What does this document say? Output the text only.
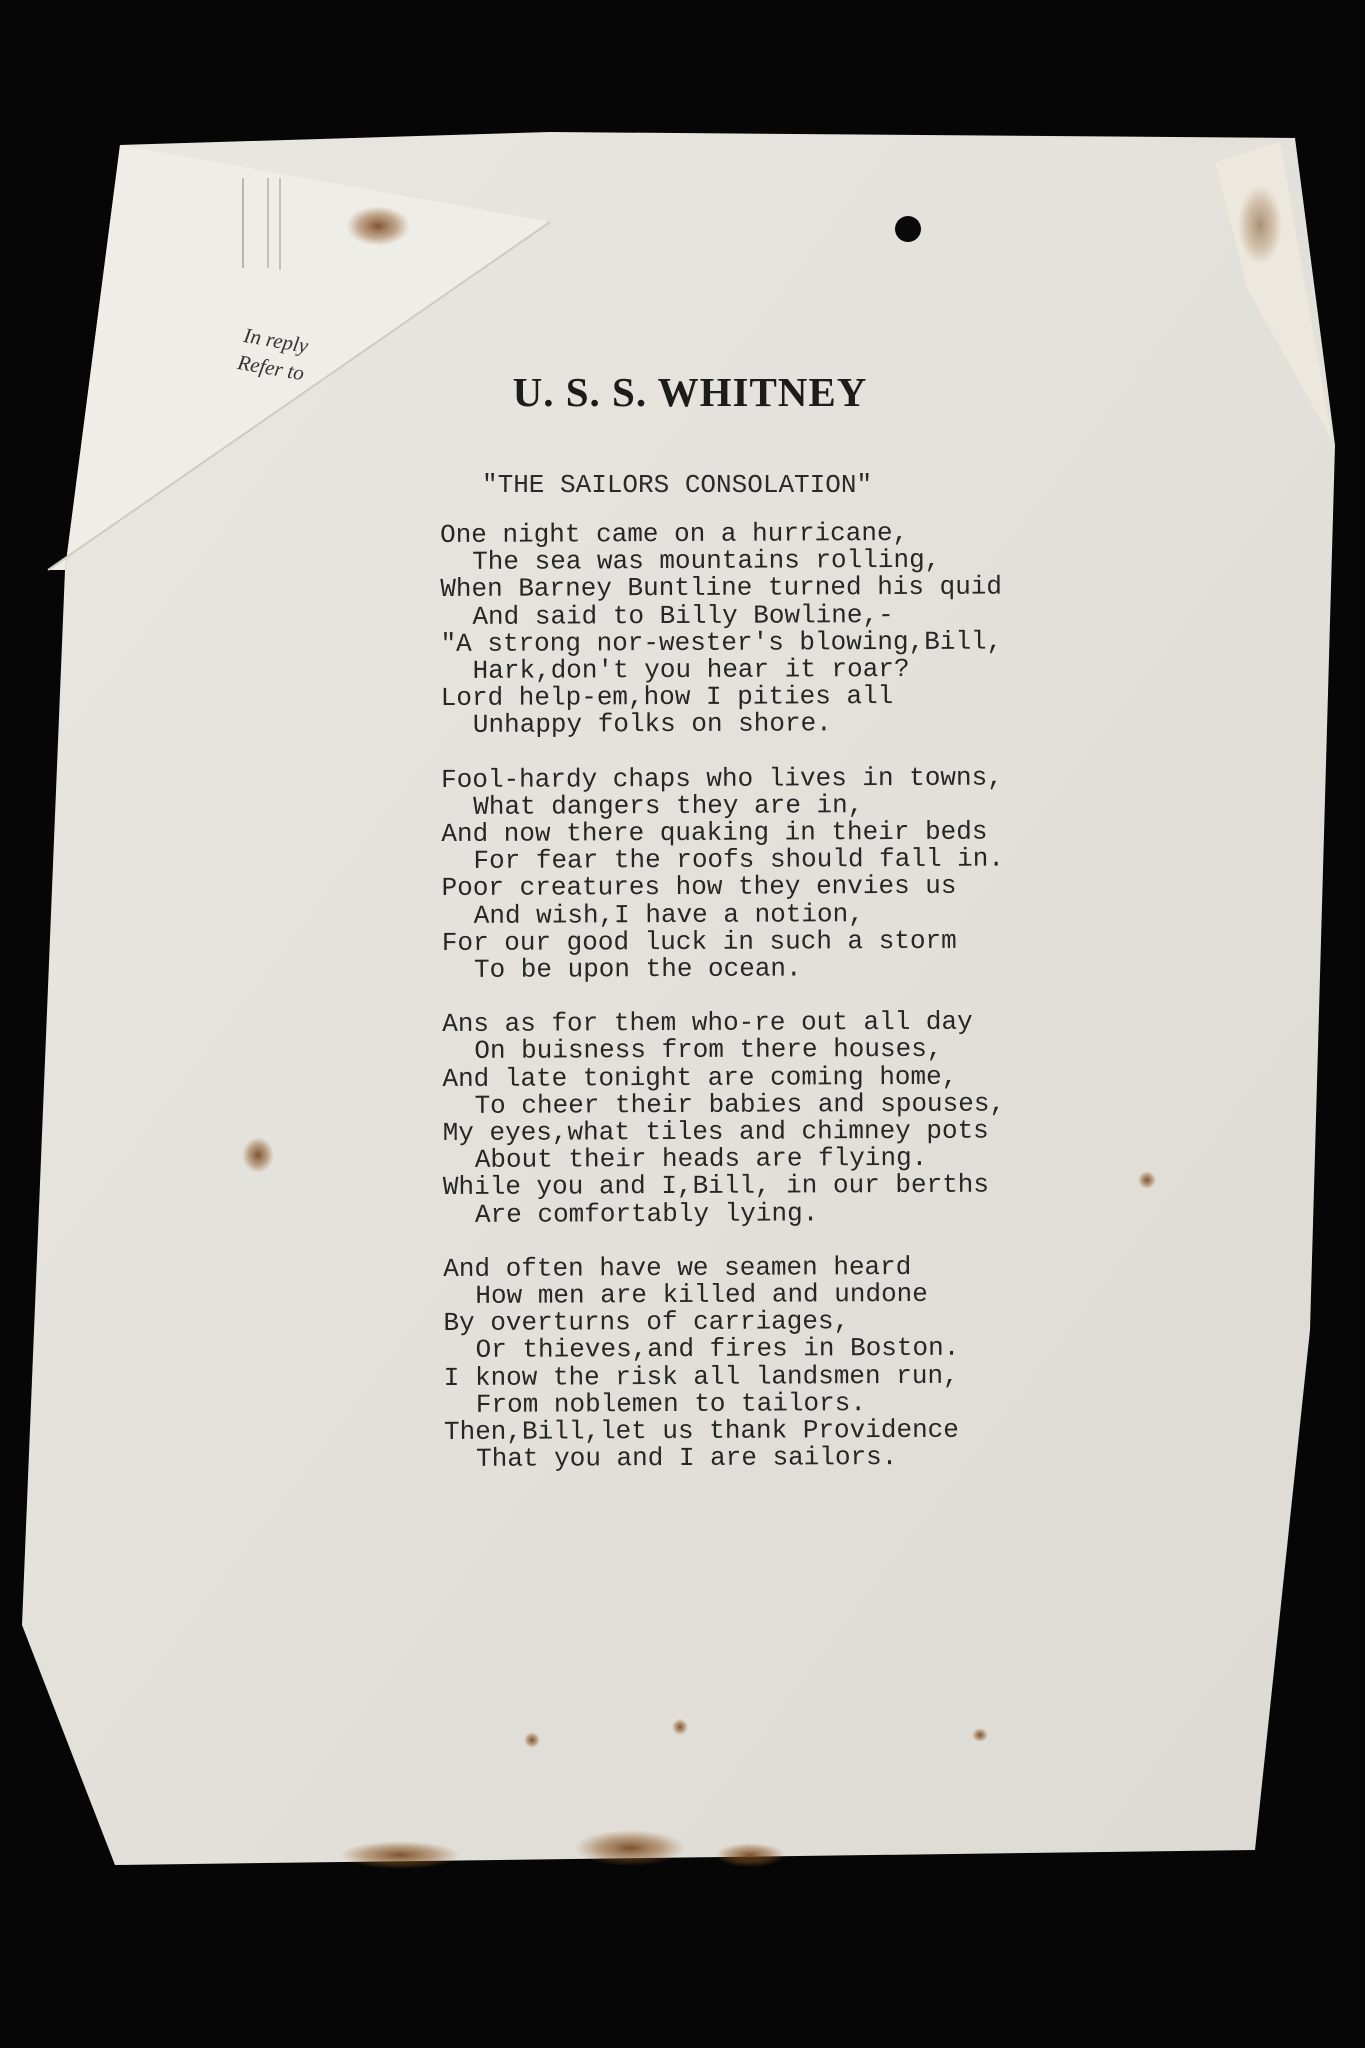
In reply
Refer to
U. S. S. WHITNEY
"THE SAILORS CONSOLATION"
One night came on a hurricane,
The sea was mountains rolling,
When Barney Buntline turned his quid
And said to Billy Bowline,-
"A strong nor-wester's blowing,Bill,
Hark,don't you hear it roar?
Lord help-em,how I pities all
Unhappy folks on shore.
Fool-hardy chaps who lives in towns,
What dangers they are in,
And now there quaking in their beds
For fear the roofs should fall in.
Poor creatures how they envies us
And wish,I have a notion,
For our good luck in such a storm
To be upon the ocean.
Ans as for them who-re out all day
On buisness from there houses,
And late tonight are coming home,
To cheer their babies and spouses,
My eyes,what tiles and chimney pots
About their heads are flying.
While you and I,Bill, in our berths
Are comfortably lying.
And often have we seamen heard
How men are killed and undone
By overturns of carriages,
Or thieves,and fires in Boston.
I know the risk all landsmen run,
From noblemen to tailors.
Then,Bill,let us thank Providence
That you and I are sailors.
